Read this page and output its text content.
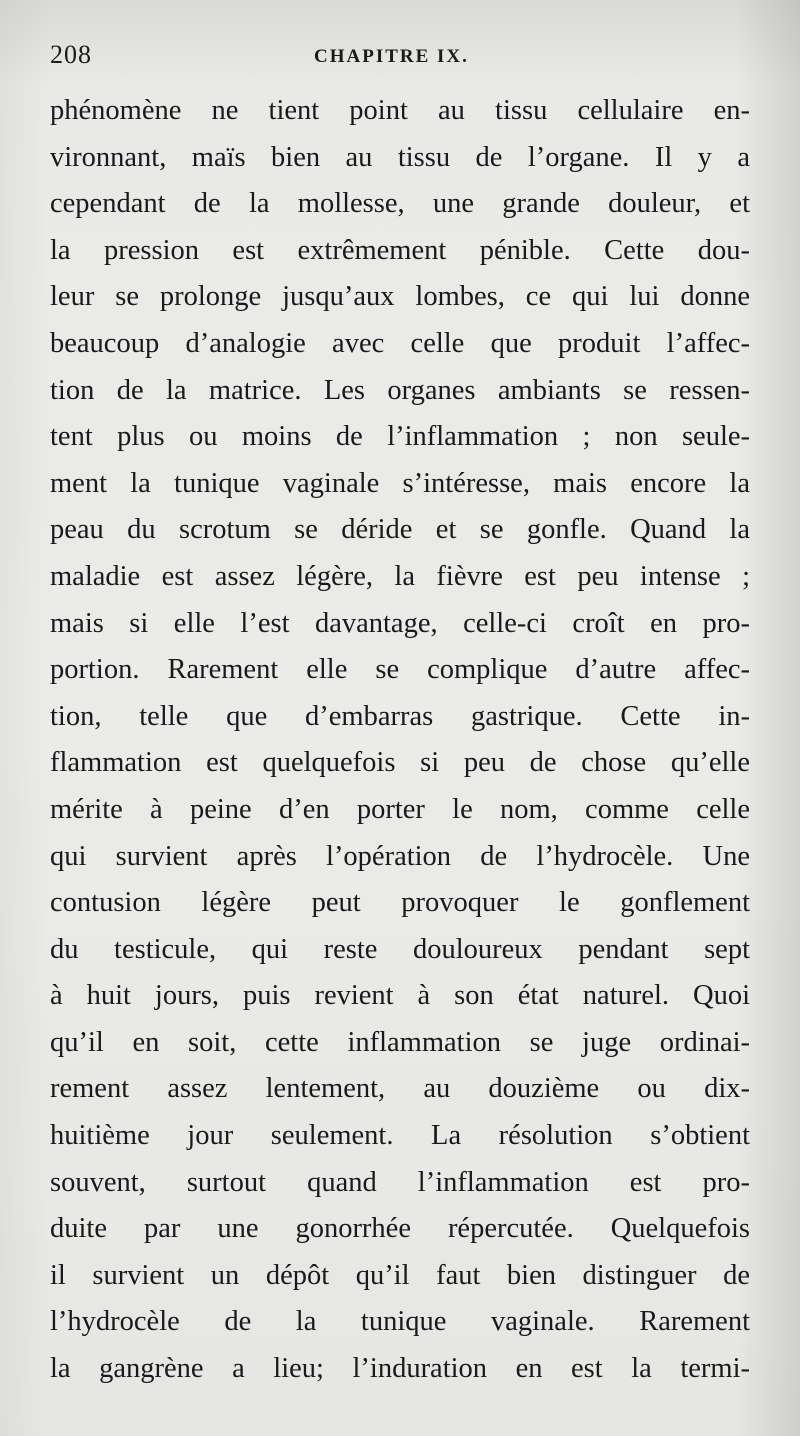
208	CHAPITRE IX.
phénomène ne tient point au tissu cellulaire en-
vironnant, maïs bien au tissu de l’organe. Il y a
cependant de la mollesse, une grande douleur, et
la pression est extrêmement pénible. Cette dou-
leur se prolonge jusqu’aux lombes, ce qui lui donne
beaucoup d’analogie avec celle que produit l’affec-
tion de la matrice. Les organes ambiants se ressen-
tent plus ou moins de l’inflammation ; non seule-
ment la tunique vaginale s’intéresse, mais encore la
peau du scrotum se déride et se gonfle. Quand la
maladie est assez légère, la fièvre est peu intense ;
mais si elle l’est davantage, celle-ci croît en pro-
portion. Rarement elle se complique d’autre affec-
tion, telle que d’embarras gastrique. Cette in-
flammation est quelquefois si peu de chose qu’elle
mérite à peine d’en porter le nom, comme celle
qui survient après l’opération de l’hydrocèle. Une
contusion légère peut provoquer le gonflement
du testicule, qui reste douloureux pendant sept
à huit jours, puis revient à son état naturel. Quoi
qu’il en soit, cette inflammation se juge ordinai-
rement assez lentement, au douzième ou dix-
huitième jour seulement. La résolution s’obtient
souvent, surtout quand l’inflammation est pro-
duite par une gonorrhée répercutée. Quelquefois
il survient un dépôt qu’il faut bien distinguer de
l’hydrocèle de la tunique vaginale. Rarement
la gangrène a lieu; l’induration en est la termi-
